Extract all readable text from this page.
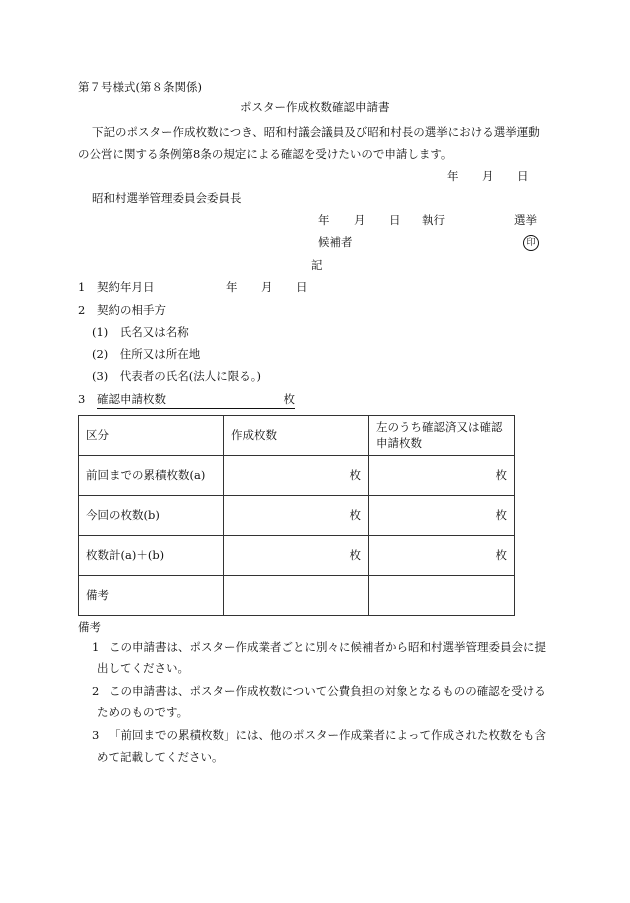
第７号様式(第８条関係)
ポスター作成枚数確認申請書
下記のポスター作成枚数につき、昭和村議会議員及び昭和村長の選挙における選挙運動
の公営に関する条例第8条の規定による確認を受けたいので申請します。
年 月 日
昭和村選挙管理委員会委員長
年 月 日 執行	選挙
候補者	印
記
1 契約年月日	年 月 日
2 契約の相手方
(1)　氏名又は名称
(2)　住所又は所在地
(3)　代表者の氏名(法人に限る。)
3 確認申請枚数	枚
区分	作成枚数	左のうち確認済又は確認申請枚数
前回までの累積枚数(a)	枚	枚
今回の枚数(b)	枚	枚
枚数計(a)＋(b)	枚	枚
備考		
備考
1 この申請書は、ポスター作成業者ごとに別々に候補者から昭和村選挙管理委員会に提
出してください。
2 この申請書は、ポスター作成枚数について公費負担の対象となるものの確認を受ける
ためのものです。
3 「前回までの累積枚数」には、他のポスター作成業者によって作成された枚数をも含
めて記載してください。
